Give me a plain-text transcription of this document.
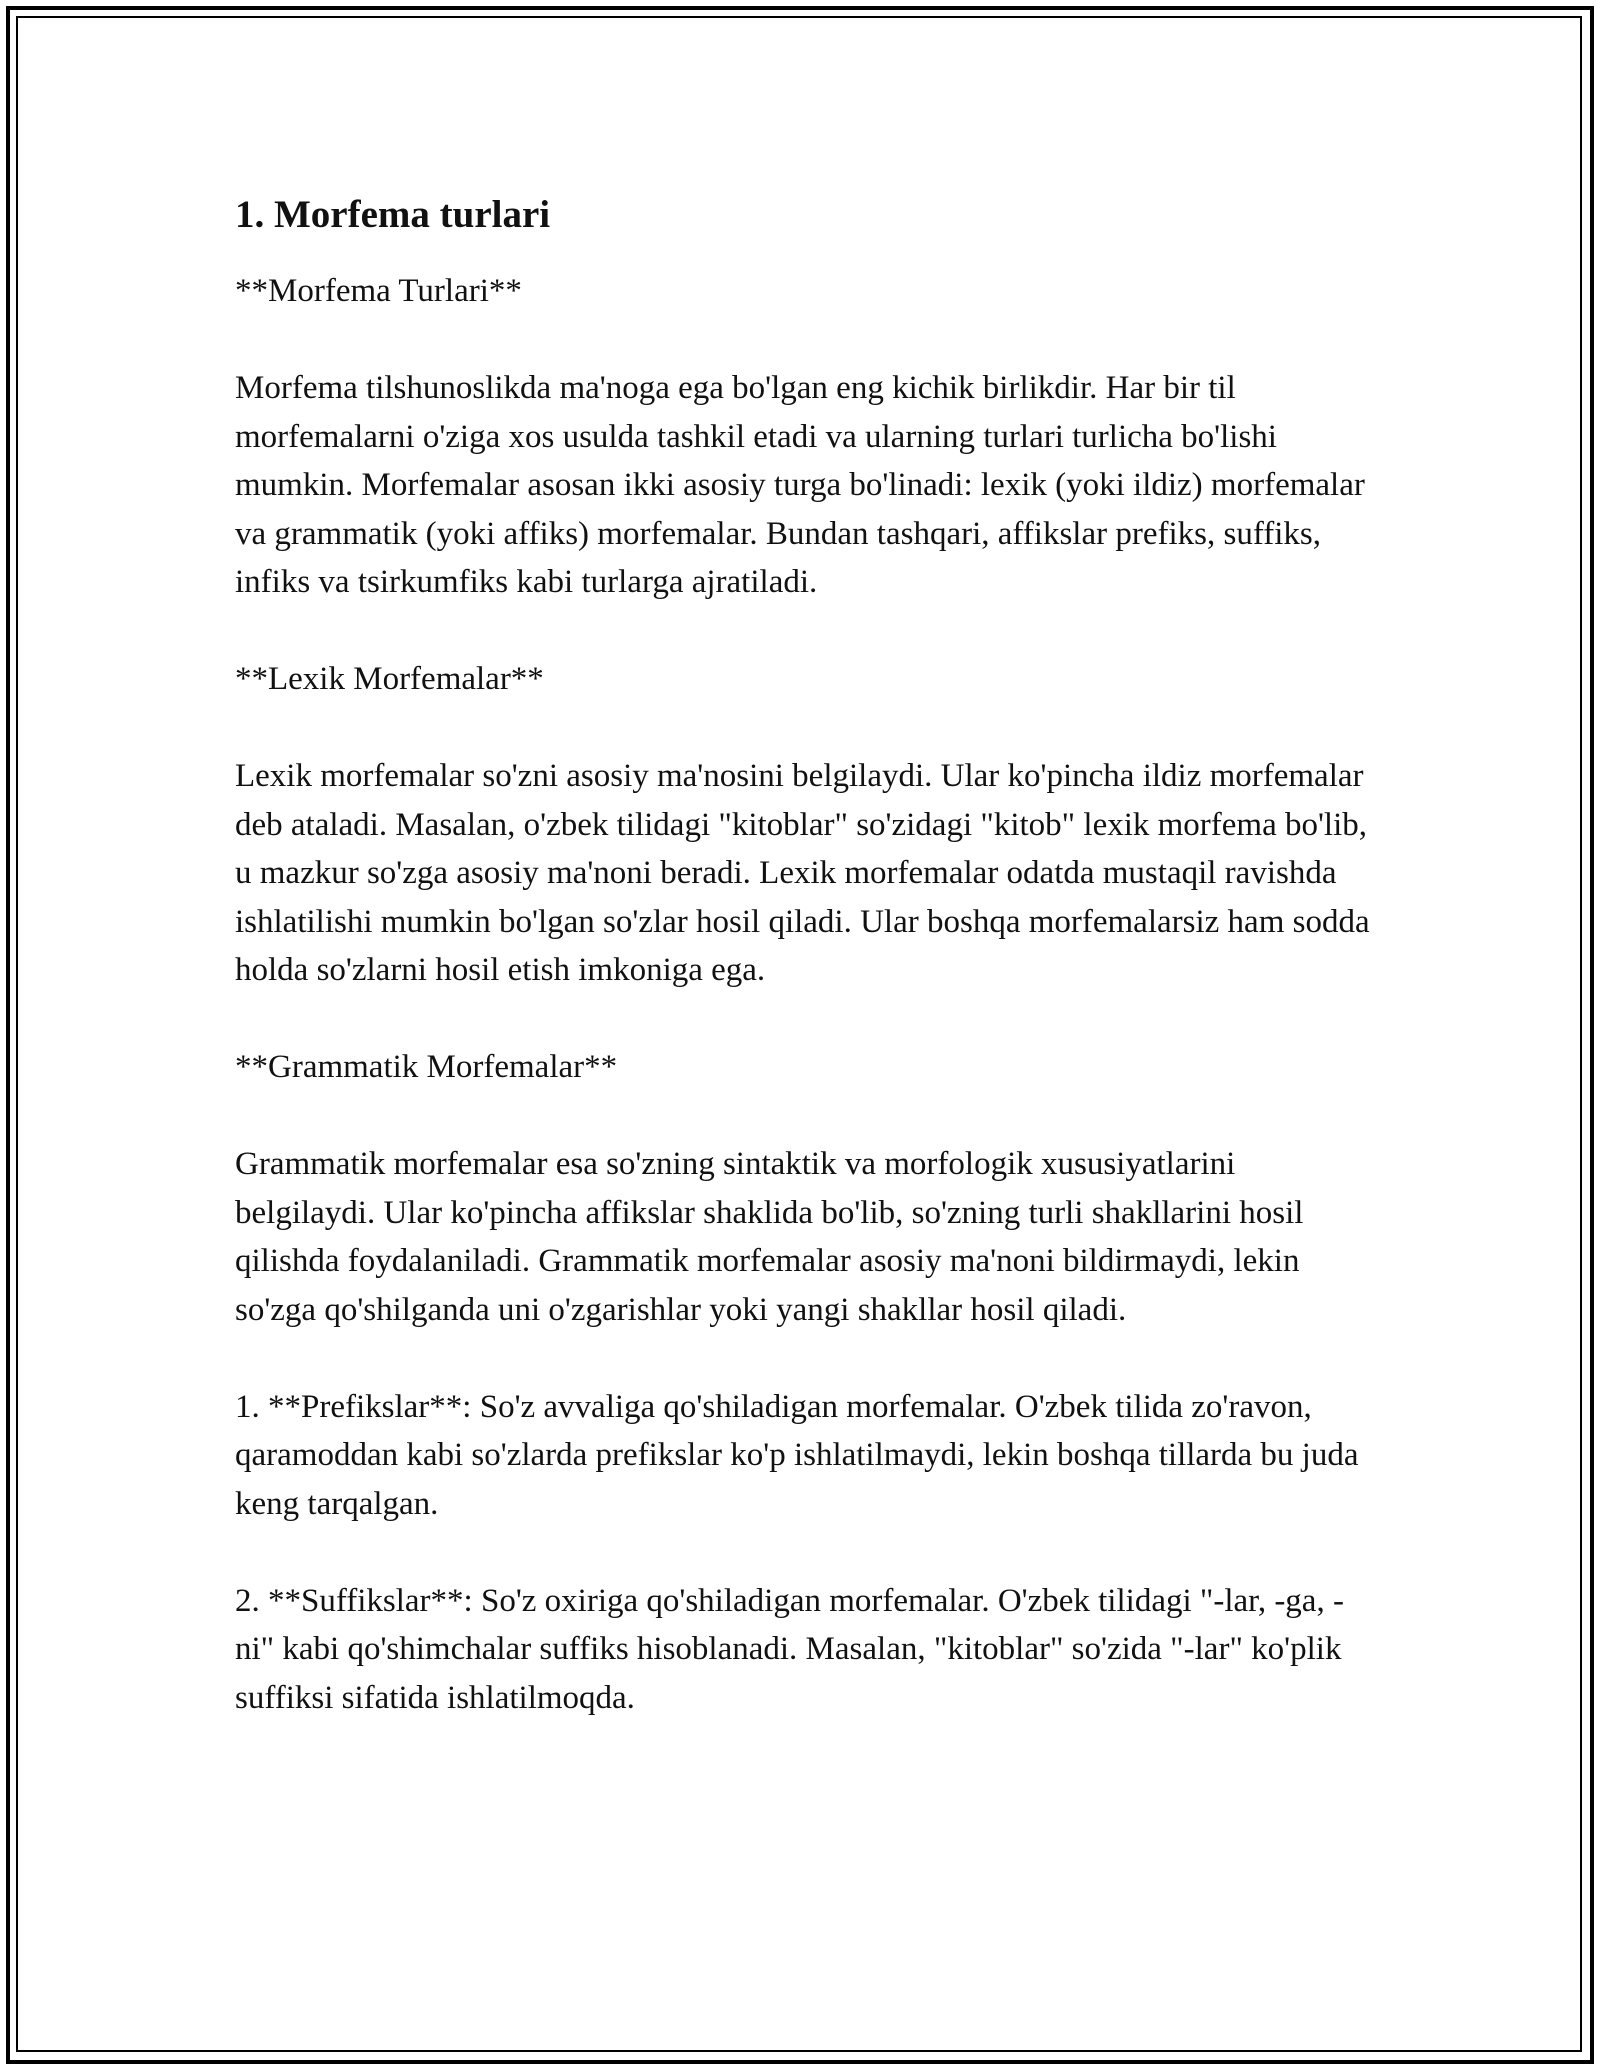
1. Morfema turlari

**Morfema Turlari**

Morfema tilshunoslikda ma'noga ega bo'lgan eng kichik birlikdir. Har bir til morfemalarni o'ziga xos usulda tashkil etadi va ularning turlari turlicha bo'lishi mumkin. Morfemalar asosan ikki asosiy turga bo'linadi: lexik (yoki ildiz) morfemalar va grammatik (yoki affiks) morfemalar. Bundan tashqari, affikslar prefiks, suffiks, infiks va tsirkumfiks kabi turlarga ajratiladi.

**Lexik Morfemalar**

Lexik morfemalar so'zni asosiy ma'nosini belgilaydi. Ular ko'pincha ildiz morfemalar deb ataladi. Masalan, o'zbek tilidagi "kitoblar" so'zidagi "kitob" lexik morfema bo'lib, u mazkur so'zga asosiy ma'noni beradi. Lexik morfemalar odatda mustaqil ravishda ishlatilishi mumkin bo'lgan so'zlar hosil qiladi. Ular boshqa morfemalarsiz ham sodda holda so'zlarni hosil etish imkoniga ega.

**Grammatik Morfemalar**

Grammatik morfemalar esa so'zning sintaktik va morfologik xususiyatlarini belgilaydi. Ular ko'pincha affikslar shaklida bo'lib, so'zning turli shakllarini hosil qilishda foydalaniladi. Grammatik morfemalar asosiy ma'noni bildirmaydi, lekin so'zga qo'shilganda uni o'zgarishlar yoki yangi shakllar hosil qiladi.

1. **Prefikslar**: So'z avvaliga qo'shiladigan morfemalar. O'zbek tilida zo'ravon, qaramoddan kabi so'zlarda prefikslar ko'p ishlatilmaydi, lekin boshqa tillarda bu juda keng tarqalgan.

2. **Suffikslar**: So'z oxiriga qo'shiladigan morfemalar. O'zbek tilidagi "-lar, -ga, -ni" kabi qo'shimchalar suffiks hisoblanadi. Masalan, "kitoblar" so'zida "-lar" ko'plik suffiksi sifatida ishlatilmoqda.
